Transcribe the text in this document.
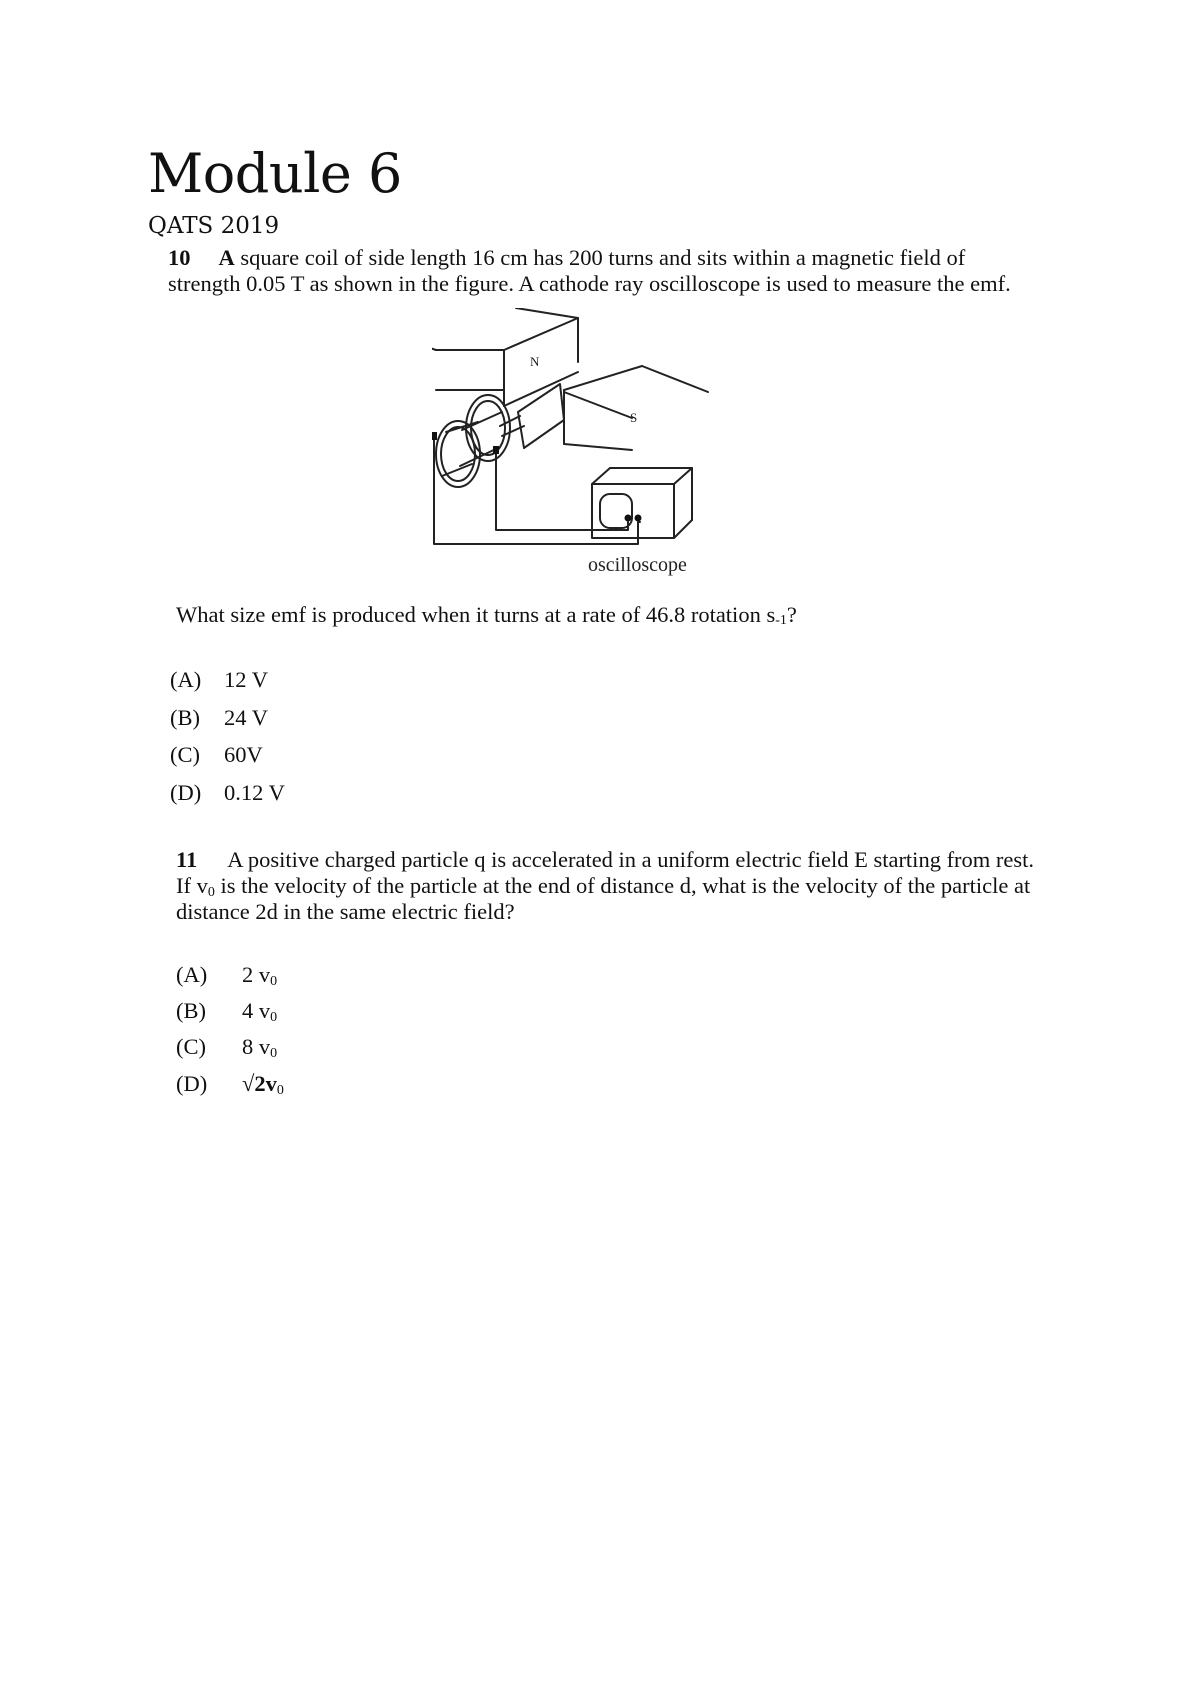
Module 6
QATS 2019
10 A square coil of side length 16 cm has 200 turns and sits within a magnetic field of
strength 0.05 T as shown in the figure. A cathode ray oscilloscope is used to measure the emf.
N
S
oscilloscope
What size emf is produced when it turns at a rate of 46.8 rotation s-1?
(A) 12 V
(B) 24 V
(C) 60V
(D) 0.12 V
11 A positive charged particle q is accelerated in a uniform electric field E starting from rest.
If $v_0$ is the velocity of the particle at the end of distance d, what is the velocity of the particle at
distance 2d in the same electric field?
(A) 2 $v_0$
(B) 4 $v_0$
(C) 8 $v_0$
(D) $√2v_0$
